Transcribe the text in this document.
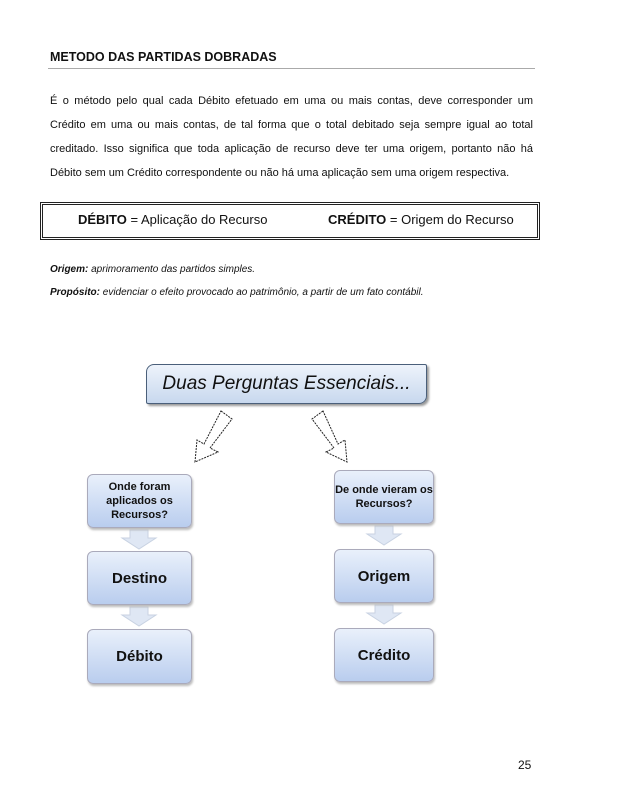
METODO DAS PARTIDAS DOBRADAS
É o método pelo qual cada Débito efetuado em uma ou mais contas, deve corresponder um Crédito em uma ou mais contas, de tal forma que o total debitado seja sempre igual ao total creditado. Isso significa que toda aplicação de recurso deve ter uma origem, portanto não há Débito sem um Crédito correspondente ou não há uma aplicação sem uma origem respectiva.
DÉBITO = Aplicação do Recurso	CRÉDITO = Origem do Recurso
Origem: aprimoramento das partidos simples.
Propósito: evidenciar o efeito provocado ao patrimônio, a partir de um fato contábil.
Duas Perguntas Essenciais...
Onde foram aplicados os Recursos?
Destino
Débito
De onde vieram os Recursos?
Origem
Crédito
25
